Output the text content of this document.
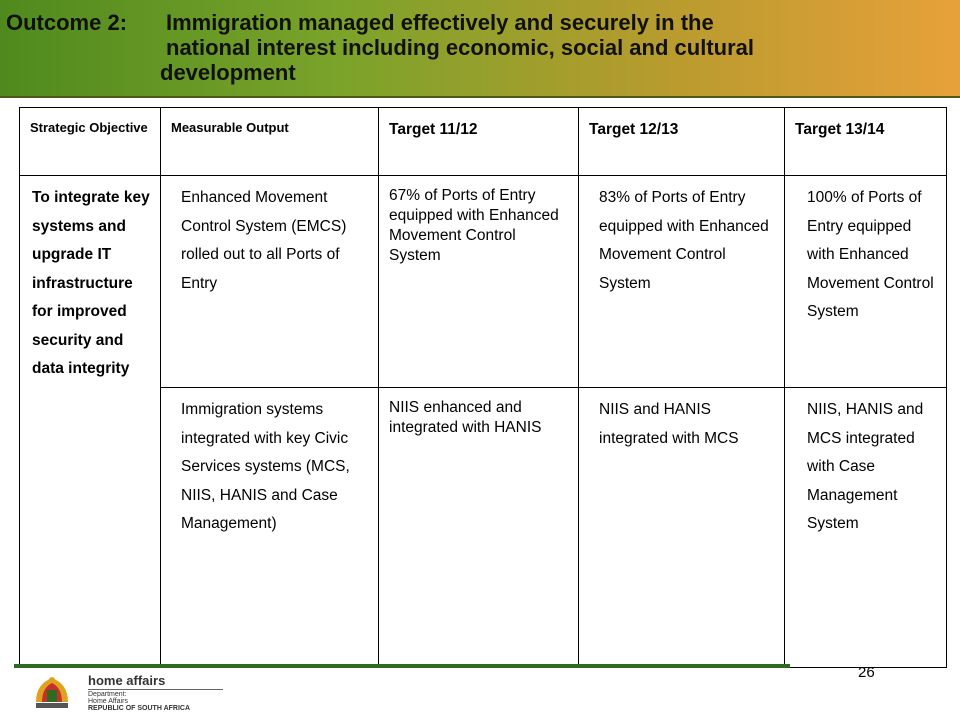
Outcome 2: Immigration managed effectively and securely in the
national interest including economic, social and cultural
development
Strategic Objective	Measurable Output	Target 11/12	Target 12/13	Target 13/14
To integrate key systems and upgrade IT infrastructure for improved security and data integrity	Enhanced Movement Control System (EMCS) rolled out to all Ports of Entry	67% of Ports of Entry equipped with Enhanced Movement Control System	83% of Ports of Entry equipped with Enhanced Movement Control System	100% of Ports of Entry equipped with Enhanced Movement Control System
	Immigration systems integrated with key Civic Services systems (MCS, NIIS, HANIS and Case Management)	NIIS enhanced and integrated with HANIS	NIIS and HANIS integrated with MCS	NIIS, HANIS and MCS integrated with Case Management System
26
home affairs
Department:
Home Affairs
REPUBLIC OF SOUTH AFRICA
